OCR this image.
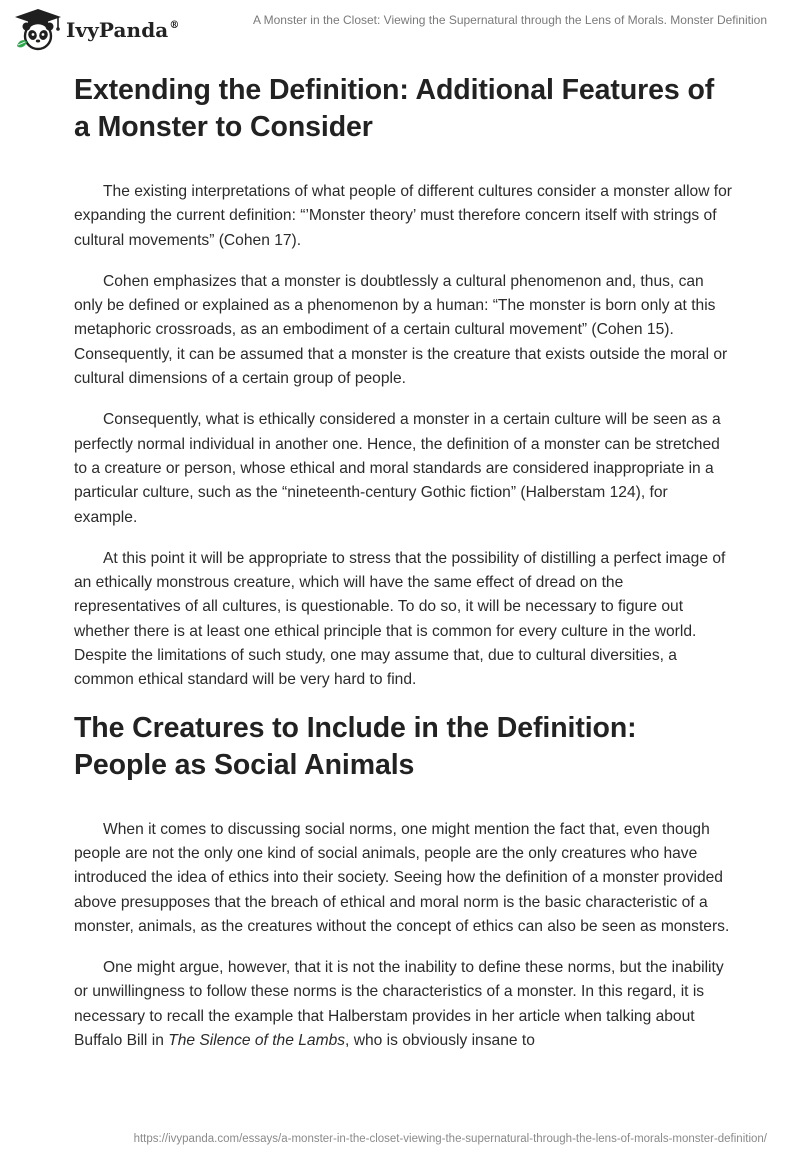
IvyPanda®	A Monster in the Closet: Viewing the Supernatural through the Lens of Morals. Monster Definition
Extending the Definition: Additional Features of a Monster to Consider

The existing interpretations of what people of different cultures consider a monster allow for expanding the current definition: “’Monster theory’ must therefore concern itself with strings of cultural movements” (Cohen 17).

Cohen emphasizes that a monster is doubtlessly a cultural phenomenon and, thus, can only be defined or explained as a phenomenon by a human: “The monster is born only at this metaphoric crossroads, as an embodiment of a certain cultural movement” (Cohen 15). Consequently, it can be assumed that a monster is the creature that exists outside the moral or cultural dimensions of a certain group of people.

Consequently, what is ethically considered a monster in a certain culture will be seen as a perfectly normal individual in another one. Hence, the definition of a monster can be stretched to a creature or person, whose ethical and moral standards are considered inappropriate in a particular culture, such as the “nineteenth-century Gothic fiction” (Halberstam 124), for example.

At this point it will be appropriate to stress that the possibility of distilling a perfect image of an ethically monstrous creature, which will have the same effect of dread on the representatives of all cultures, is questionable. To do so, it will be necessary to figure out whether there is at least one ethical principle that is common for every culture in the world. Despite the limitations of such study, one may assume that, due to cultural diversities, a common ethical standard will be very hard to find.

The Creatures to Include in the Definition: People as Social Animals

When it comes to discussing social norms, one might mention the fact that, even though people are not the only one kind of social animals, people are the only creatures who have introduced the idea of ethics into their society. Seeing how the definition of a monster provided above presupposes that the breach of ethical and moral norm is the basic characteristic of a monster, animals, as the creatures without the concept of ethics can also be seen as monsters.

One might argue, however, that it is not the inability to define these norms, but the inability or unwillingness to follow these norms is the characteristics of a monster. In this regard, it is necessary to recall the example that Halberstam provides in her article when talking about Buffalo Bill in The Silence of the Lambs, who is obviously insane to

https://ivypanda.com/essays/a-monster-in-the-closet-viewing-the-supernatural-through-the-lens-of-morals-monster-definition/
